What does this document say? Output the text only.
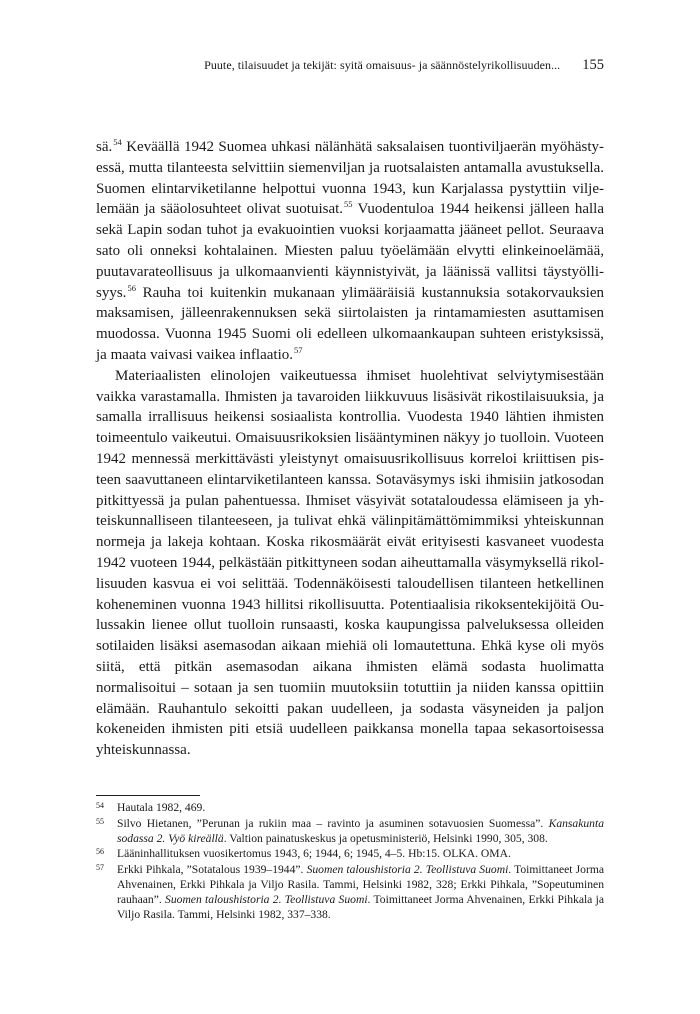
Puute, tilaisuudet ja tekijät: syitä omaisuus- ja säännöstelyrikollisuuden... 155

sä.$^{54}$ Keväällä 1942 Suomea uhkasi nälänhätä saksalaisen tuontiviljaerän myöhästyessä, mutta tilanteesta selvittiin siemenviljan ja ruotsalaisten antamalla avustuksella. Suomen elintarviketilanne helpottui vuonna 1943, kun Karjalassa pystyttiin viljelemään ja sääolosuhteet olivat suotuisat.$^{55}$ Vuodentuloa 1944 heikensi jälleen halla sekä Lapin sodan tuhot ja evakuointien vuoksi korjaamatta jääneet pellot. Seuraava sato oli onneksi kohtalainen. Miesten paluu työelämään elvytti elinkeinoelämää, puutavarateollisuus ja ulkomaanvienti käynnistyivät, ja läänissä vallitsi täystyöllisyys.$^{56}$ Rauha toi kuitenkin mukanaan ylimääräisiä kustannuksia sotakorvauksien maksamisen, jälleenrakennuksen sekä siirtolaisten ja rintamamiesten asuttamisen muodossa. Vuonna 1945 Suomi oli edelleen ulkomaankaupan suhteen eristyksissä, ja maata vaivasi vaikea inflaatio.$^{57}$

Materiaalisten elinolojen vaikeutuessa ihmiset huolehtivat selviytymisestään vaikka varastamalla. Ihmisten ja tavaroiden liikkuvuus lisäsivät rikostilaisuuksia, ja samalla irrallisuus heikensi sosiaalista kontrollia. Vuodesta 1940 lähtien ihmisten toimeentulo vaikeutui. Omaisuusrikoksien lisääntyminen näkyy jo tuolloin. Vuoteen 1942 mennessä merkittävästi yleistynyt omaisuusrikollisuus korreloi kriittisen pisteen saavuttaneen elintarviketilanteen kanssa. Sotaväsymys iski ihmisiin jatkosodan pitkittyessä ja pulan pahentuessa. Ihmiset väsyivät sotataloudessa elämiseen ja yhteiskunnalliseen tilanteeseen, ja tulivat ehkä välinpitämättömimmiksi yhteiskunnan normeja ja lakeja kohtaan. Koska rikosmäärät eivät erityisesti kasvaneet vuodesta 1942 vuoteen 1944, pelkästään pitkittyneen sodan aiheuttamalla väsymyksellä rikollisuuden kasvua ei voi selittää. Todennäköisesti taloudellisen tilanteen hetkellinen koheneminen vuonna 1943 hillitsi rikollisuutta. Potentiaalisia rikoksentekijöitä Oulussakin lienee ollut tuolloin runsaasti, koska kaupungissa palveluksessa olleiden sotilaiden lisäksi asemasodan aikaan miehiä oli lomautettuna. Ehkä kyse oli myös siitä, että pitkän asemasodan aikana ihmisten elämä sodasta huolimatta normalisoitui – sotaan ja sen tuomiin muutoksiin totuttiin ja niiden kanssa opittiin elämään. Rauhantulo sekoitti pakan uudelleen, ja sodasta väsyneiden ja paljon kokeneiden ihmisten piti etsiä uudelleen paikkansa monella tapaa sekasortoisessa yhteiskunnassa.

54	Hautala 1982, 469.
55	Silvo Hietanen, ”Perunan ja rukiin maa – ravinto ja asuminen sotavuosien Suomessa”. Kansakunta sodassa 2. Vyö kireällä. Valtion painatuskeskus ja opetusministeriö, Helsinki 1990, 305, 308.
56	Lääninhallituksen vuosikertomus 1943, 6; 1944, 6; 1945, 4–5. Hb:15. OLKA. OMA.
57	Erkki Pihkala, ”Sotatalous 1939–1944”. Suomen taloushistoria 2. Teollistuva Suomi. Toimittaneet Jorma Ahvenainen, Erkki Pihkala ja Viljo Rasila. Tammi, Helsinki 1982, 328; Erkki Pihkala, ”Sopeutuminen rauhaan”. Suomen taloushistoria 2. Teollistuva Suomi. Toimittaneet Jorma Ahvenainen, Erkki Pihkala ja Viljo Rasila. Tammi, Helsinki 1982, 337–338.
